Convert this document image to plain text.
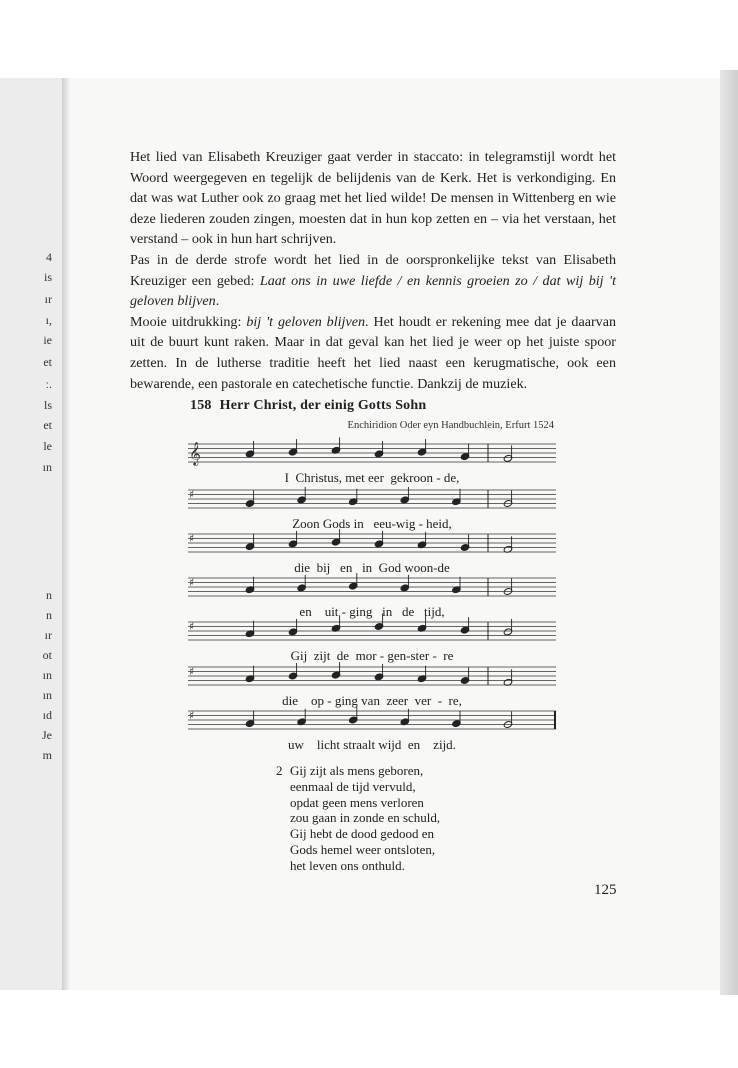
4
is
ır
ı,
ie
et
ː.
ls
et
le
ın
n
n
ır
ot
ın
ın
ɪd
Je
m

Het lied van Elisabeth Kreuziger gaat verder in staccato: in telegramstijl wordt het Woord weergegeven en tegelijk de belijdenis van de Kerk. Het is verkondiging. En dat was wat Luther ook zo graag met het lied wilde! De mensen in Wittenberg en wie deze liederen zouden zingen, moesten dat in hun kop zetten en – via het verstaan, het verstand – ook in hun hart schrijven.

Pas in de derde strofe wordt het lied in de oorspronkelijke tekst van Elisabeth Kreuziger een gebed: Laat ons in uwe liefde / en kennis groeien zo / dat wij bij 't geloven blijven.

Mooie uitdrukking: bij 't geloven blijven. Het houdt er rekening mee dat je daarvan uit de buurt kunt raken. Maar in dat geval kan het lied je weer op het juiste spoor zetten. In de lutherse traditie heeft het lied naast een kerugmatische, ook een bewarende, een pastorale en catechetische functie. Dankzij de muziek.

158 Herr Christ, der einig Gotts Sohn
Enchiridion Oder eyn Handbuchlein, Erfurt 1524
𝄞
I  Christus, met eer  gekroon - de,
♯
Zoon Gods in   eeu-wig - heid,
♯
die  bij   en   in  God woon-de
♯
en    uit - ging   in   de   tijd,
♯
Gij  zijt  de  mor - gen-ster -  re
♯
die    op - ging van  zeer  ver  -  re,
♯
uw    licht straalt wijd  en    zijd.
2 Gij zijt als mens geboren,
eenmaal de tijd vervuld,
opdat geen mens verloren
zou gaan in zonde en schuld,
Gij hebt de dood gedood en
Gods hemel weer ontsloten,
het leven ons onthuld.
125
